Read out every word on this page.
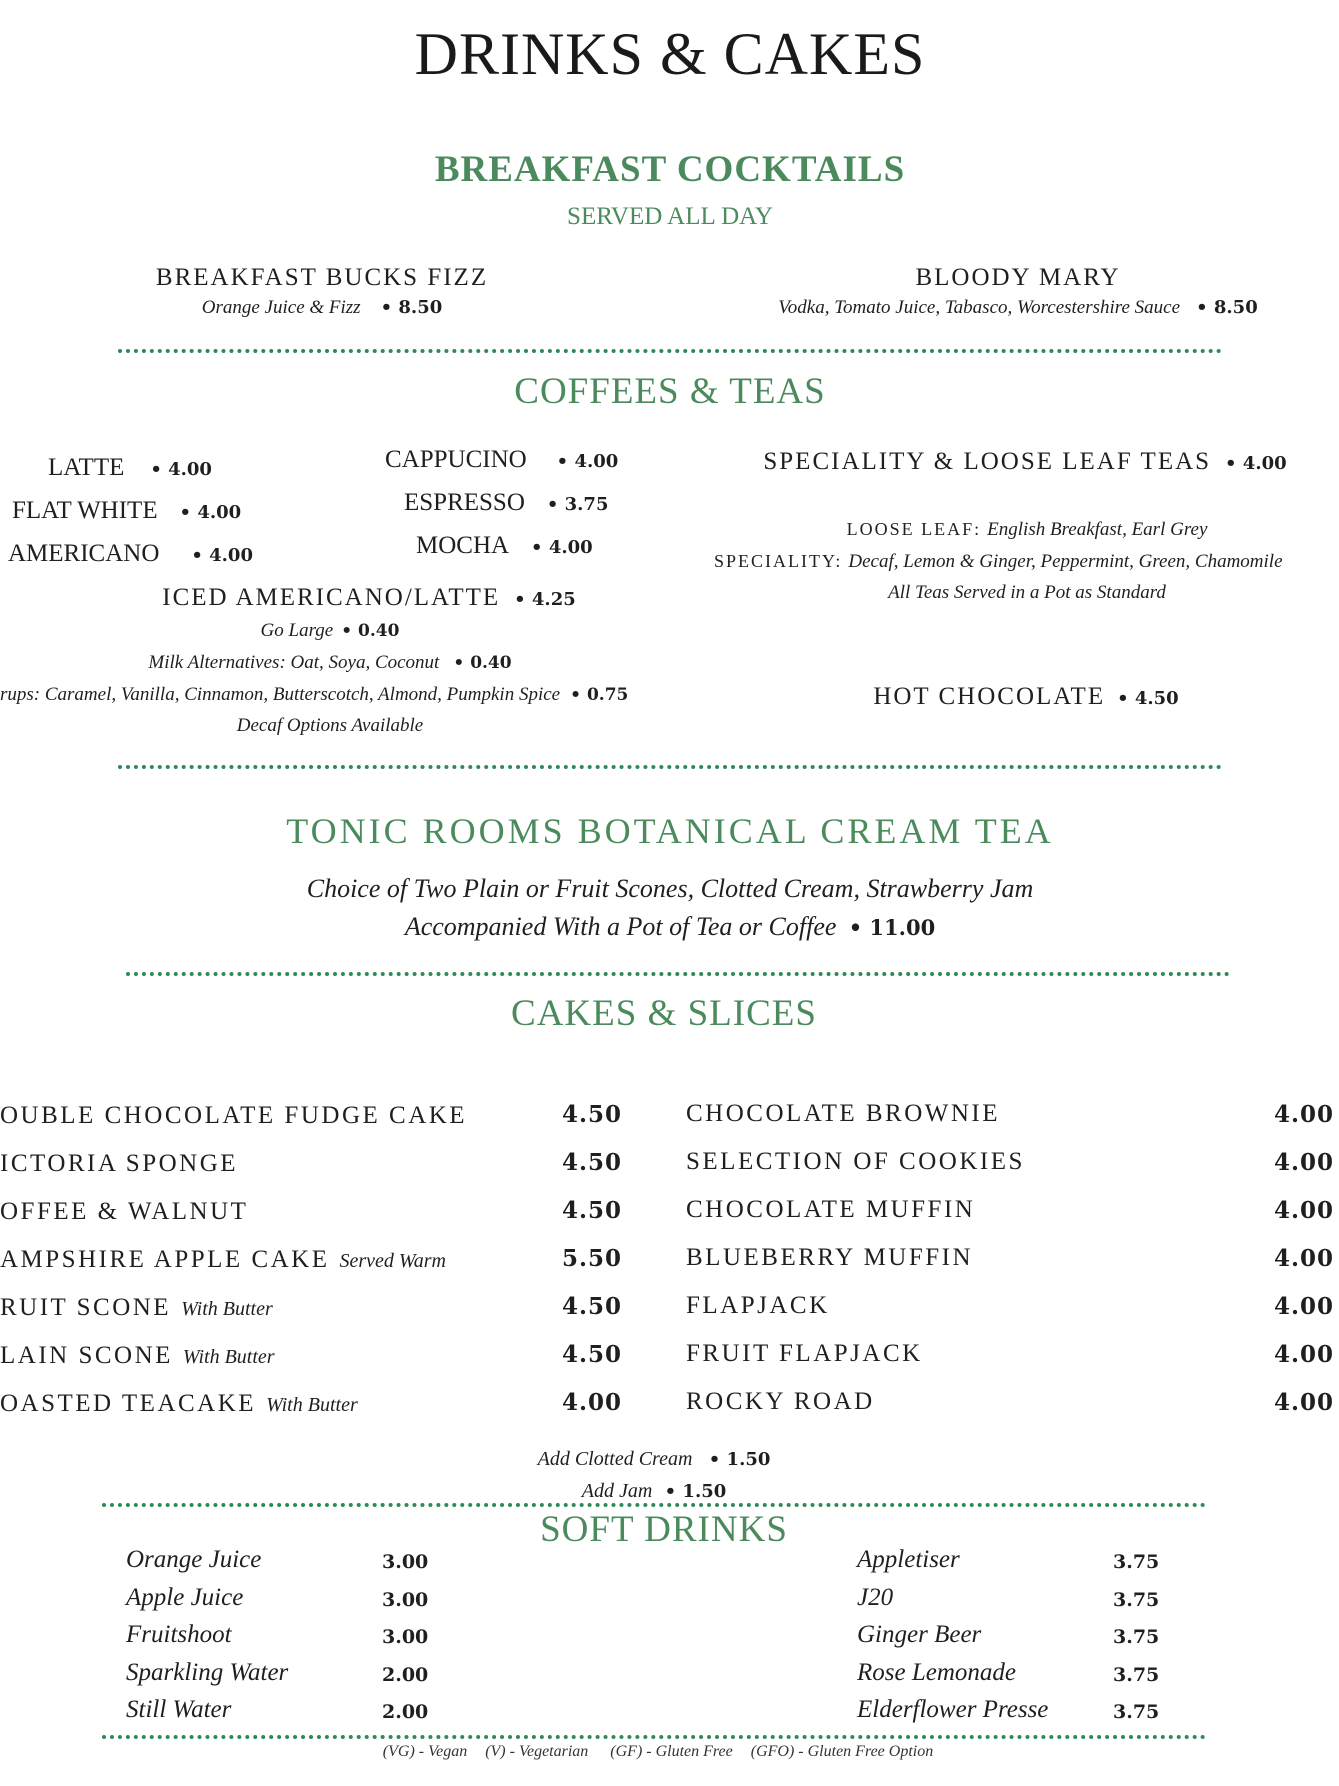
DRINKS & CAKES
BREAKFAST COCKTAILS
SERVED ALL DAY
BREAKFAST BUCKS FIZZ
Orange Juice & Fizz • 8.50
BLOODY MARY
Vodka, Tomato Juice, Tabasco, Worcestershire Sauce • 8.50
COFFEES & TEAS
LATTE • 4.00
FLAT WHITE • 4.00
AMERICANO	• 4.00
CAPPUCINO	• 4.00
ESPRESSO • 3.75
MOCHA • 4.00
ICED AMERICANO/LATTE • 4.25
Go Large • 0.40
Milk Alternatives: Oat, Soya, Coconut • 0.40
rups: Caramel, Vanilla, Cinnamon, Butterscotch, Almond, Pumpkin Spice • 0.75
Decaf Options Available
SPECIALITY & LOOSE LEAF TEAS • 4.00
LOOSE LEAF: English Breakfast, Earl Grey
SPECIALITY: Decaf, Lemon & Ginger, Peppermint, Green, Chamomile
All Teas Served in a Pot as Standard
HOT CHOCOLATE • 4.50
TONIC ROOMS BOTANICAL CREAM TEA
Choice of Two Plain or Fruit Scones, Clotted Cream, Strawberry Jam
Accompanied With a Pot of Tea or Coffee • 11.00
CAKES & SLICES
OUBLE CHOCOLATE FUDGE CAKE	4.50
ICTORIA SPONGE	4.50
OFFEE & WALNUT	4.50
AMPSHIRE APPLE CAKE Served Warm	5.50
RUIT SCONE With Butter	4.50
LAIN SCONE With Butter	4.50
OASTED TEACAKE With Butter	4.00
CHOCOLATE BROWNIE	4.00
SELECTION OF COOKIES	4.00
CHOCOLATE MUFFIN	4.00
BLUEBERRY MUFFIN	4.00
FLAPJACK	4.00
FRUIT FLAPJACK	4.00
ROCKY ROAD	4.00
Add Clotted Cream • 1.50
Add Jam • 1.50
SOFT DRINKS
Orange Juice	3.00
Apple Juice	3.00
Fruitshoot	3.00
Sparkling Water	2.00
Still Water	2.00
Appletiser	3.75
J20	3.75
Ginger Beer	3.75
Rose Lemonade	3.75
Elderflower Presse	3.75
(VG) - Vegan (V) - Vegetarian (GF) - Gluten Free (GFO) - Gluten Free Option
